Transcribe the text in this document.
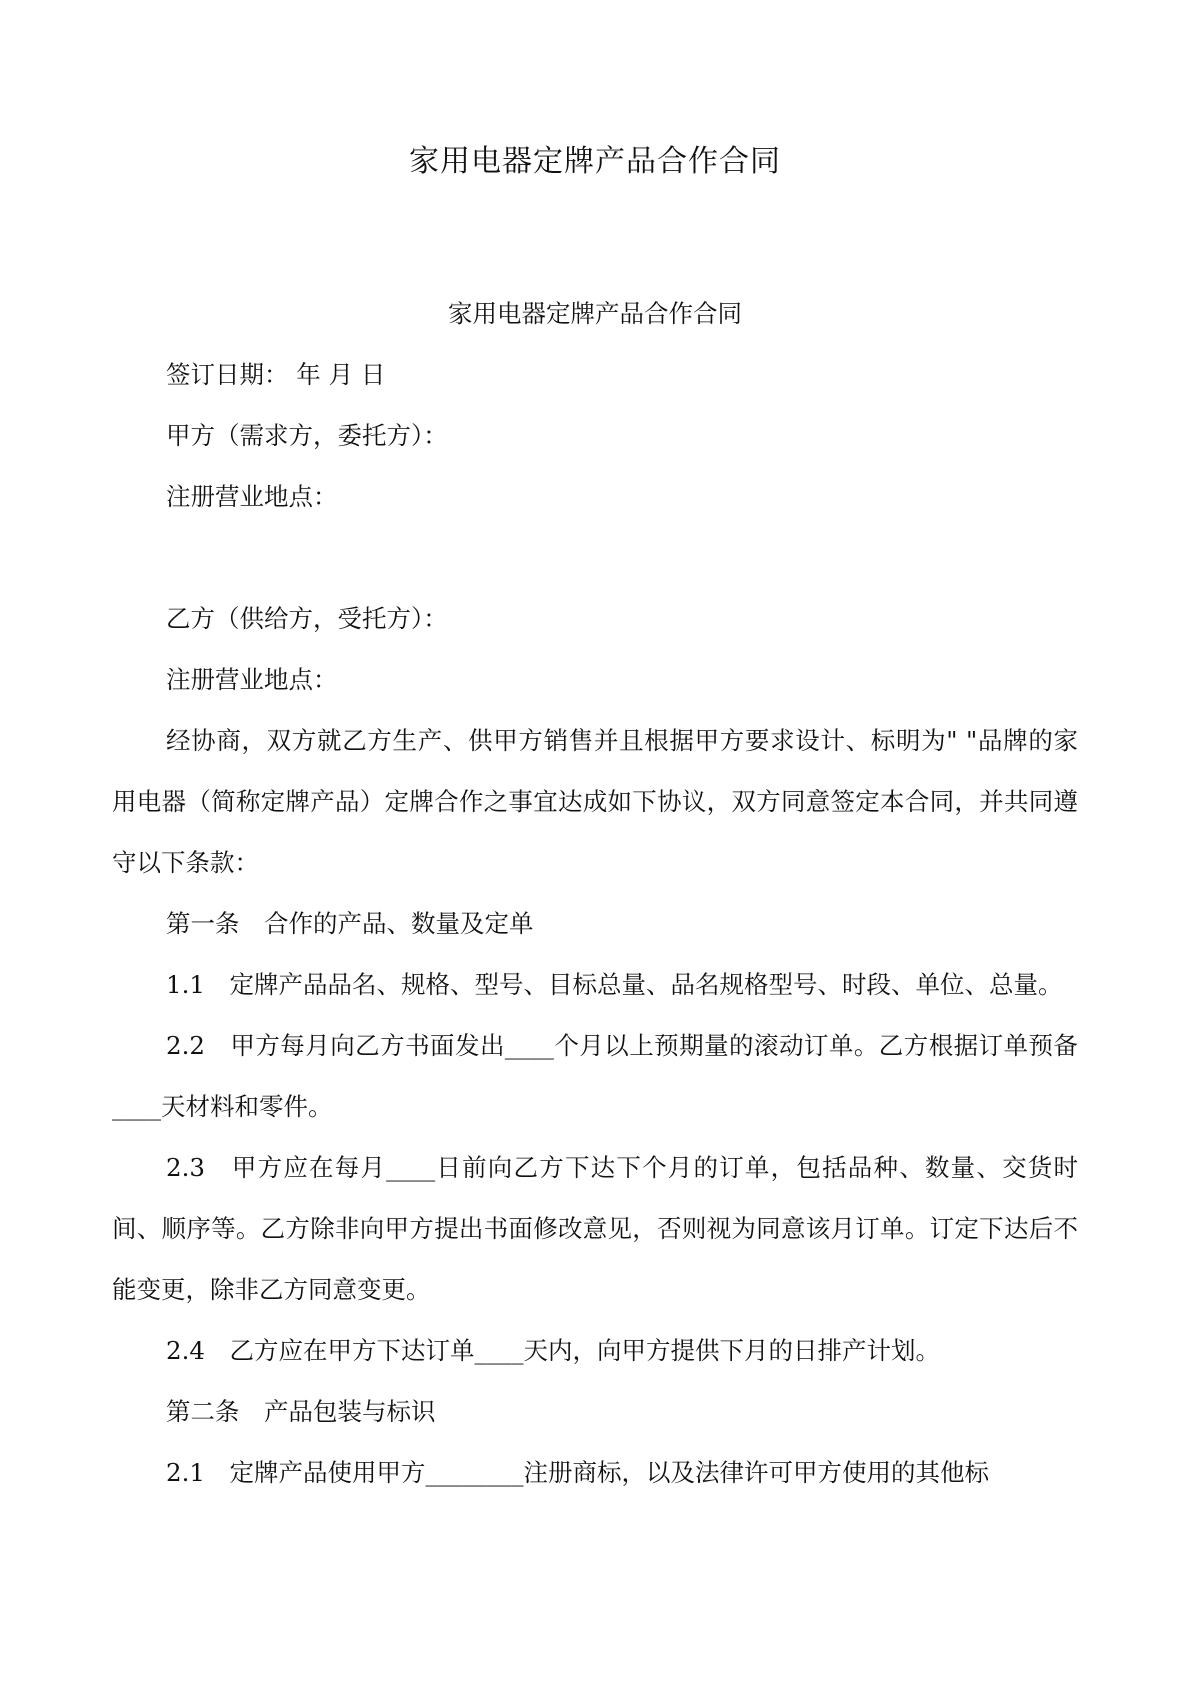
家用电器定牌产品合作合同

家用电器定牌产品合作合同

签订日期： 年 月 日

甲方（需求方，委托方）：

注册营业地点：

乙方（供给方，受托方）：

注册营业地点：

经协商，双方就乙方生产、供甲方销售并且根据甲方要求设计、标明为" "品牌的家用电器（简称定牌产品）定牌合作之事宜达成如下协议，双方同意签定本合同，并共同遵守以下条款：

第一条　合作的产品、数量及定单

1.1　定牌产品品名、规格、型号、目标总量、品名规格型号、时段、单位、总量。

2.2　甲方每月向乙方书面发出____个月以上预期量的滚动订单。乙方根据订单预备____天材料和零件。

2.3　甲方应在每月____日前向乙方下达下个月的订单，包括品种、数量、交货时间、顺序等。乙方除非向甲方提出书面修改意见，否则视为同意该月订单。订定下达后不能变更，除非乙方同意变更。

2.4　乙方应在甲方下达订单____天内，向甲方提供下月的日排产计划。

第二条　产品包装与标识

2.1　定牌产品使用甲方________注册商标，以及法律许可甲方使用的其他标
